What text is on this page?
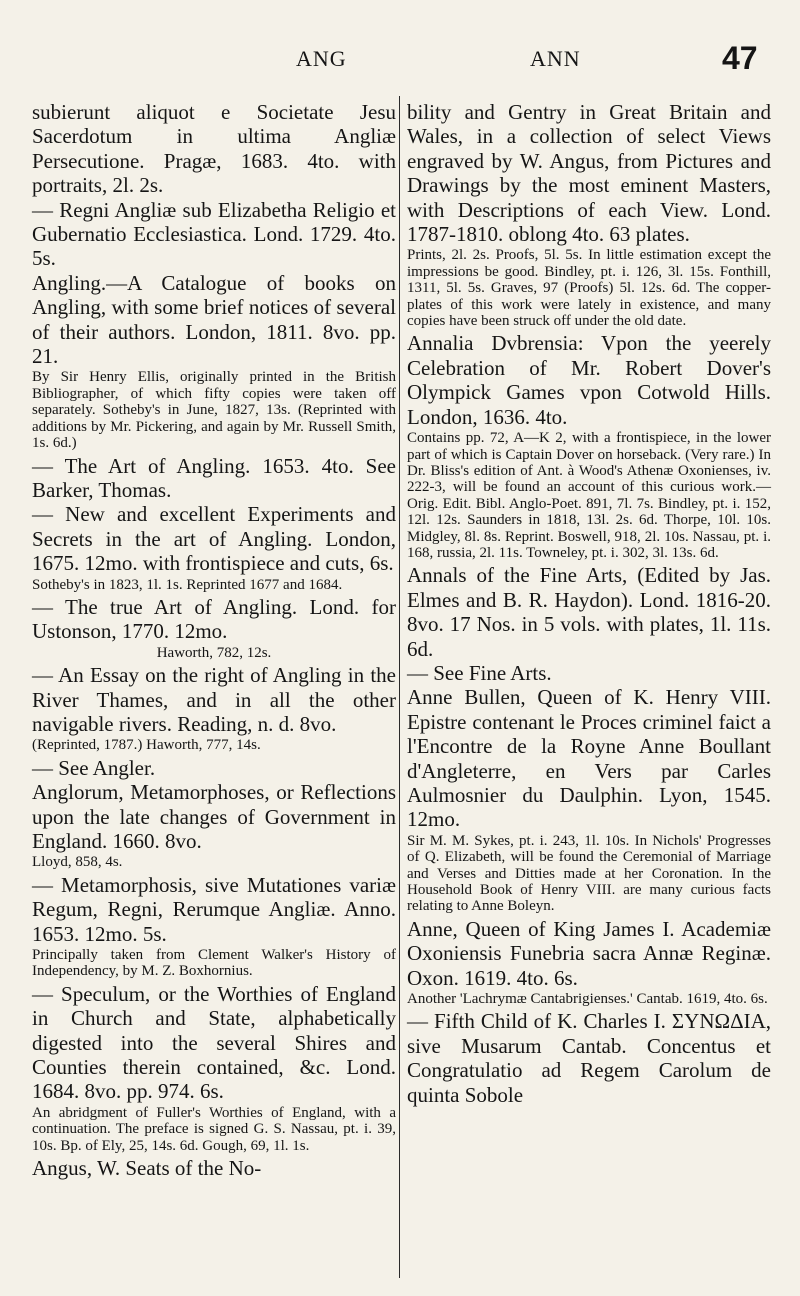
ANG	ANN	47

subierunt aliquot e Societate Jesu Sacerdotum in ultima Angliæ Persecutione. Pragæ, 1683. 4to. with portraits, 2l. 2s.

— Regni Angliæ sub Elizabetha Religio et Gubernatio Ecclesiastica. Lond. 1729. 4to. 5s.

Angling.—A Catalogue of books on Angling, with some brief notices of several of their authors. London, 1811. 8vo. pp. 21.

By Sir Henry Ellis, originally printed in the British Bibliographer, of which fifty copies were taken off separately. Sotheby's in June, 1827, 13s. (Reprinted with additions by Mr. Pickering, and again by Mr. Russell Smith, 1s. 6d.)

— The Art of Angling. 1653. 4to. See Barker, Thomas.

— New and excellent Experiments and Secrets in the art of Angling. London, 1675. 12mo. with frontispiece and cuts, 6s.

Sotheby's in 1823, 1l. 1s. Reprinted 1677 and 1684.

— The true Art of Angling. Lond. for Ustonson, 1770. 12mo.

Haworth, 782, 12s.

— An Essay on the right of Angling in the River Thames, and in all the other navigable rivers. Reading, n. d. 8vo.

(Reprinted, 1787.) Haworth, 777, 14s.

— See Angler.

Anglorum, Metamorphoses, or Reflections upon the late changes of Government in England. 1660. 8vo.

Lloyd, 858, 4s.

— Metamorphosis, sive Mutationes variæ Regum, Regni, Rerumque Angliæ. Anno. 1653. 12mo. 5s.

Principally taken from Clement Walker's History of Independency, by M. Z. Boxhornius.

— Speculum, or the Worthies of England in Church and State, alphabetically digested into the several Shires and Counties therein contained, &c. Lond. 1684. 8vo. pp. 974. 6s.

An abridgment of Fuller's Worthies of England, with a continuation. The preface is signed G. S. Nassau, pt. i. 39, 10s. Bp. of Ely, 25, 14s. 6d. Gough, 69, 1l. 1s.

Angus, W. Seats of the No-

bility and Gentry in Great Britain and Wales, in a collection of select Views engraved by W. Angus, from Pictures and Drawings by the most eminent Masters, with Descriptions of each View. Lond. 1787-1810. oblong 4to. 63 plates.

Prints, 2l. 2s. Proofs, 5l. 5s. In little estimation except the impressions be good. Bindley, pt. i. 126, 3l. 15s. Fonthill, 1311, 5l. 5s. Graves, 97 (Proofs) 5l. 12s. 6d. The copper-plates of this work were lately in existence, and many copies have been struck off under the old date.

Annalia Dvbrensia: Vpon the yeerely Celebration of Mr. Robert Dover's Olympick Games vpon Cotwold Hills. London, 1636. 4to.

Contains pp. 72, A—K 2, with a frontispiece, in the lower part of which is Captain Dover on horseback. (Very rare.) In Dr. Bliss's edition of Ant. à Wood's Athenæ Oxonienses, iv. 222-3, will be found an account of this curious work.—Orig. Edit. Bibl. Anglo-Poet. 891, 7l. 7s. Bindley, pt. i. 152, 12l. 12s. Saunders in 1818, 13l. 2s. 6d. Thorpe, 10l. 10s. Midgley, 8l. 8s. Reprint. Boswell, 918, 2l. 10s. Nassau, pt. i. 168, russia, 2l. 11s. Towneley, pt. i. 302, 3l. 13s. 6d.

Annals of the Fine Arts, (Edited by Jas. Elmes and B. R. Haydon). Lond. 1816-20. 8vo. 17 Nos. in 5 vols. with plates, 1l. 11s. 6d.

— See Fine Arts.

Anne Bullen, Queen of K. Henry VIII. Epistre contenant le Proces criminel faict a l'Encontre de la Royne Anne Boullant d'Angleterre, en Vers par Carles Aulmosnier du Daulphin. Lyon, 1545. 12mo.

Sir M. M. Sykes, pt. i. 243, 1l. 10s. In Nichols' Progresses of Q. Elizabeth, will be found the Ceremonial of Marriage and Verses and Ditties made at her Coronation. In the Household Book of Henry VIII. are many curious facts relating to Anne Boleyn.

Anne, Queen of King James I. Academiæ Oxoniensis Funebria sacra Annæ Reginæ. Oxon. 1619. 4to. 6s.

Another 'Lachrymæ Cantabrigienses.' Cantab. 1619, 4to. 6s.

— Fifth Child of K. Charles I. ΣΥΝΩΔΙΑ, sive Musarum Cantab. Concentus et Congratulatio ad Regem Carolum de quinta Sobole
